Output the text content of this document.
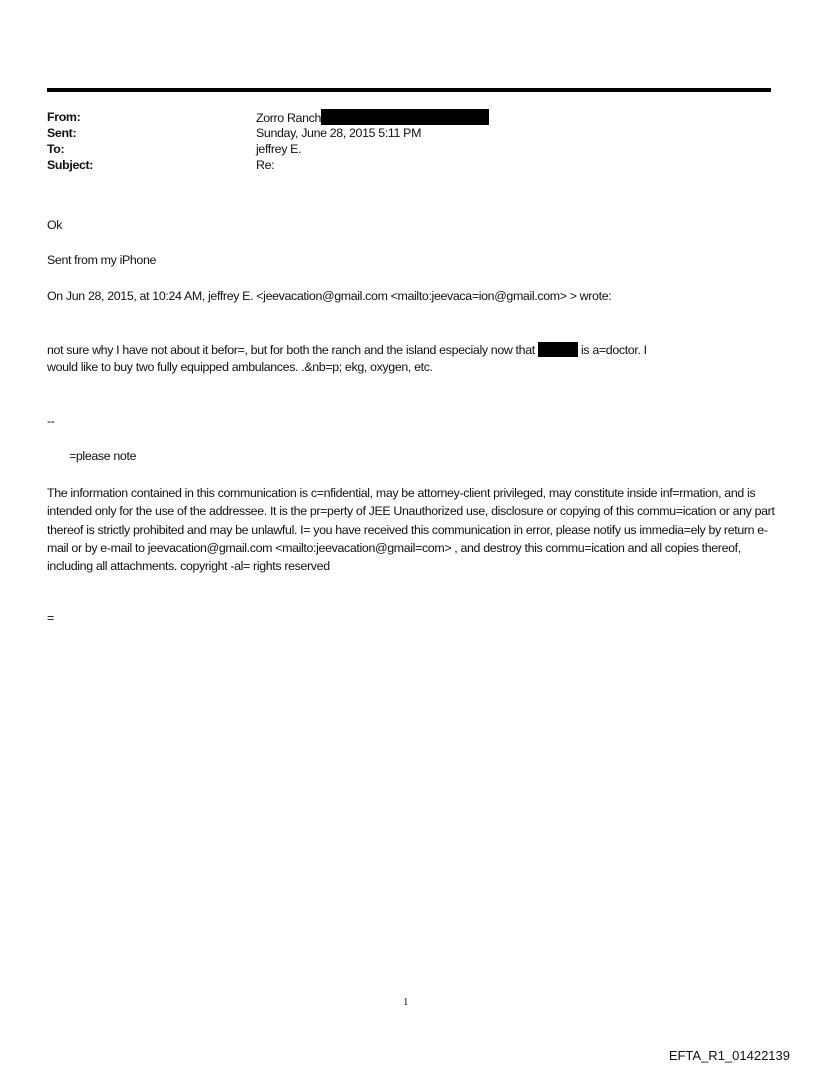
From:	Zorro Ranch
Sent:	Sunday, June 28, 2015 5:11 PM
To:	jeffrey E.
Subject:	Re:
Ok
Sent from my iPhone
On Jun 28, 2015, at 10:24 AM, jeffrey E. <jeevacation@gmail.com <mailto:jeevaca=ion@gmail.com> > wrote:
not sure why I have not about it befor=, but for both the ranch and the island especialy now that	is a=doctor. I
would like to buy two fully equipped ambulances. .&nb=p; ekg, oxygen, etc.
--
=please note
The information contained in this communication is c=nfidential, may be attorney-client privileged, may constitute inside inf=rmation, and is intended only for the use of the addressee. It is the pr=perty of JEE Unauthorized use, disclosure or copying of this commu=ication or any part thereof is strictly prohibited and may be unlawful. I= you have received this communication in error, please notify us immedia=ely by return e-mail or by e-mail to jeevacation@gmail.com <mailto:jeevacation@gmail=com> , and destroy this commu=ication and all copies thereof, including all attachments. copyright -al= rights reserved
=
1
EFTA_R1_01422139
